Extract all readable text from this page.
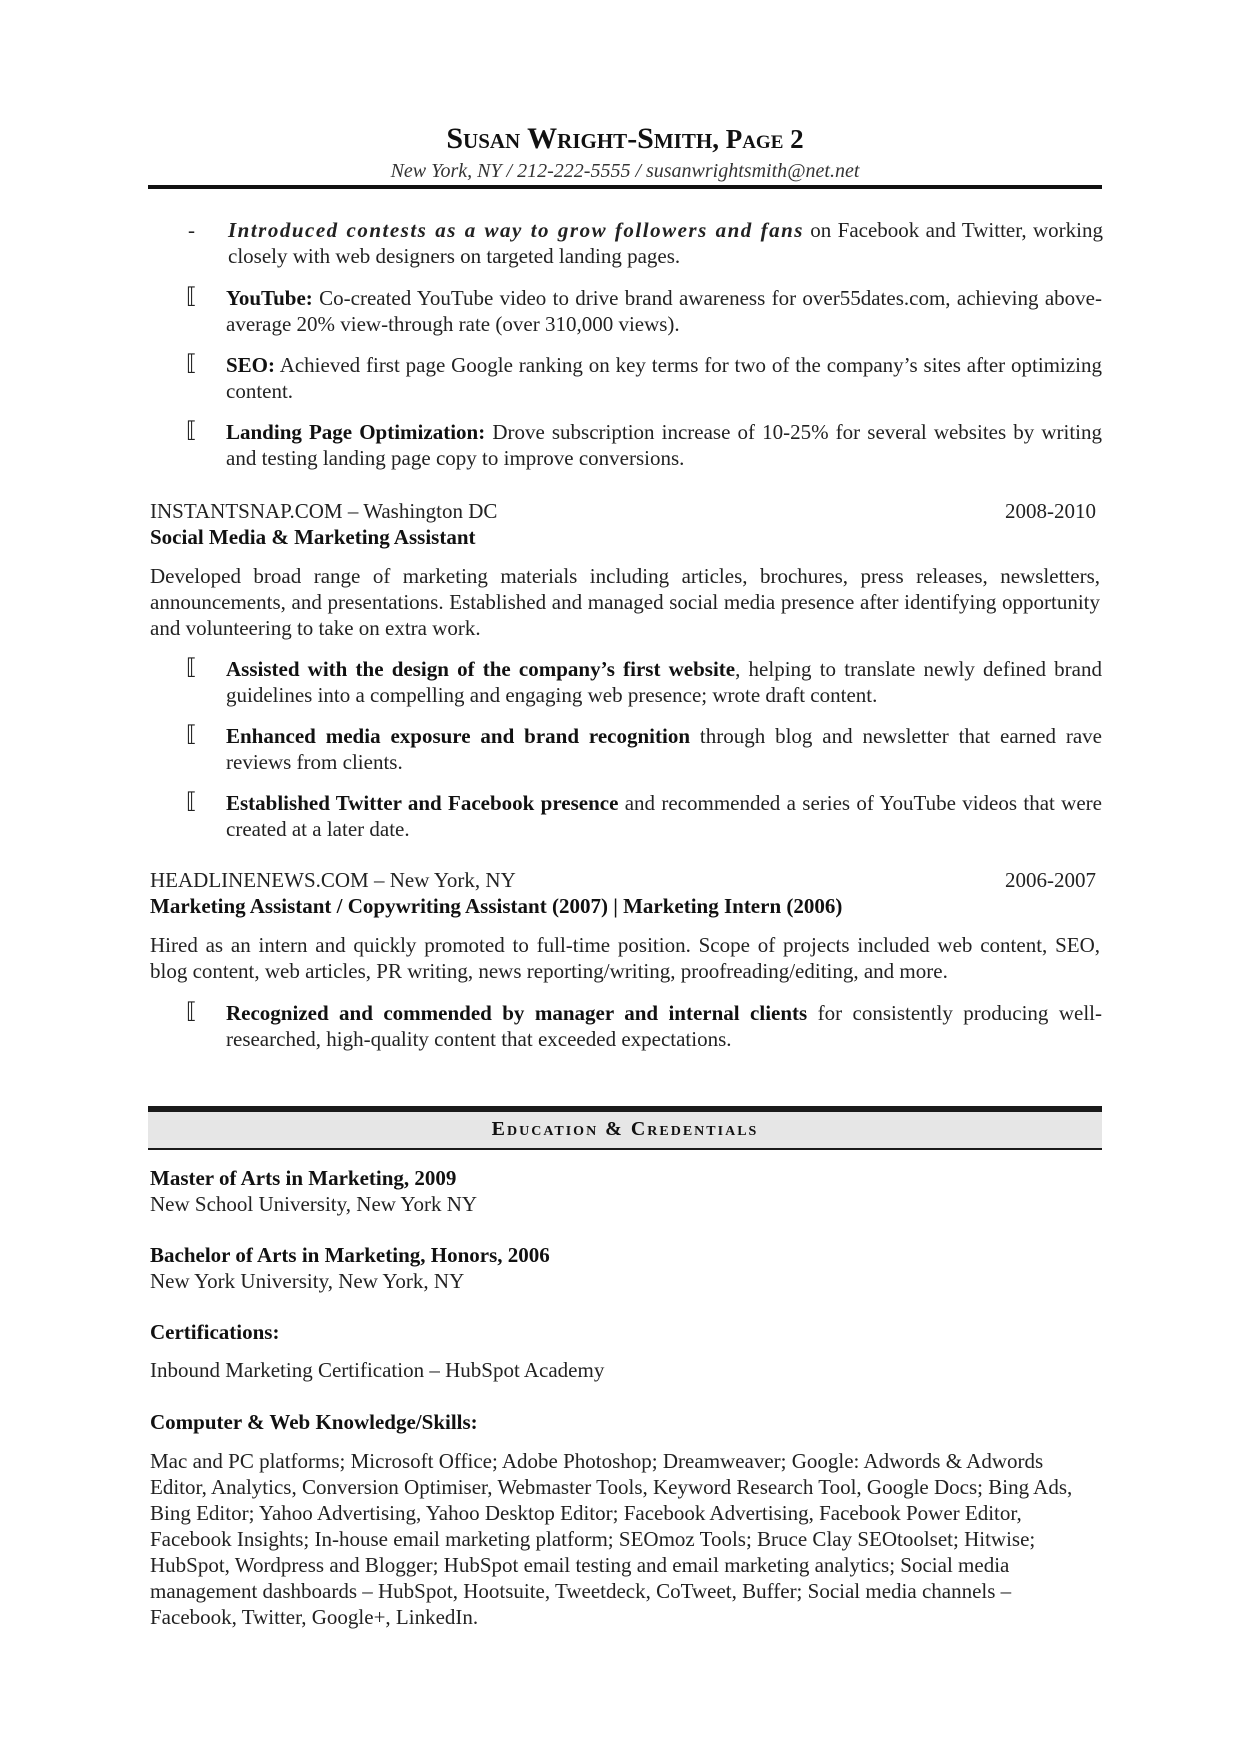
Susan Wright-Smith, Page 2
New York, NY / 212-222-5555 / susanwrightsmith@net.net
- Introduced contests as a way to grow followers and fans on Facebook and Twitter, working closely with web designers on targeted landing pages.
⟦ YouTube: Co-created YouTube video to drive brand awareness for over55dates.com, achieving above-average 20% view-through rate (over 310,000 views).
⟦ SEO: Achieved first page Google ranking on key terms for two of the company’s sites after optimizing content.
⟦ Landing Page Optimization: Drove subscription increase of 10-25% for several websites by writing and testing landing page copy to improve conversions.
INSTANTSNAP.COM – Washington DC	2008-2010
Social Media & Marketing Assistant
Developed broad range of marketing materials including articles, brochures, press releases, newsletters, announcements, and presentations. Established and managed social media presence after identifying opportunity and volunteering to take on extra work.
⟦ Assisted with the design of the company’s first website, helping to translate newly defined brand guidelines into a compelling and engaging web presence; wrote draft content.
⟦ Enhanced media exposure and brand recognition through blog and newsletter that earned rave reviews from clients.
⟦ Established Twitter and Facebook presence and recommended a series of YouTube videos that were created at a later date.
HEADLINENEWS.COM – New York, NY	2006-2007
Marketing Assistant / Copywriting Assistant (2007) | Marketing Intern (2006)
Hired as an intern and quickly promoted to full-time position. Scope of projects included web content, SEO, blog content, web articles, PR writing, news reporting/writing, proofreading/editing, and more.
⟦ Recognized and commended by manager and internal clients for consistently producing well-researched, high-quality content that exceeded expectations.
Education & Credentials
Master of Arts in Marketing, 2009
New School University, New York NY
Bachelor of Arts in Marketing, Honors, 2006
New York University, New York, NY
Certifications:
Inbound Marketing Certification – HubSpot Academy
Computer & Web Knowledge/Skills:
Mac and PC platforms; Microsoft Office; Adobe Photoshop; Dreamweaver; Google: Adwords & Adwords Editor, Analytics, Conversion Optimiser, Webmaster Tools, Keyword Research Tool, Google Docs; Bing Ads, Bing Editor; Yahoo Advertising, Yahoo Desktop Editor; Facebook Advertising, Facebook Power Editor, Facebook Insights; In-house email marketing platform; SEOmoz Tools; Bruce Clay SEOtoolset; Hitwise; HubSpot, Wordpress and Blogger; HubSpot email testing and email marketing analytics; Social media management dashboards – HubSpot, Hootsuite, Tweetdeck, CoTweet, Buffer; Social media channels – Facebook, Twitter, Google+, LinkedIn.
